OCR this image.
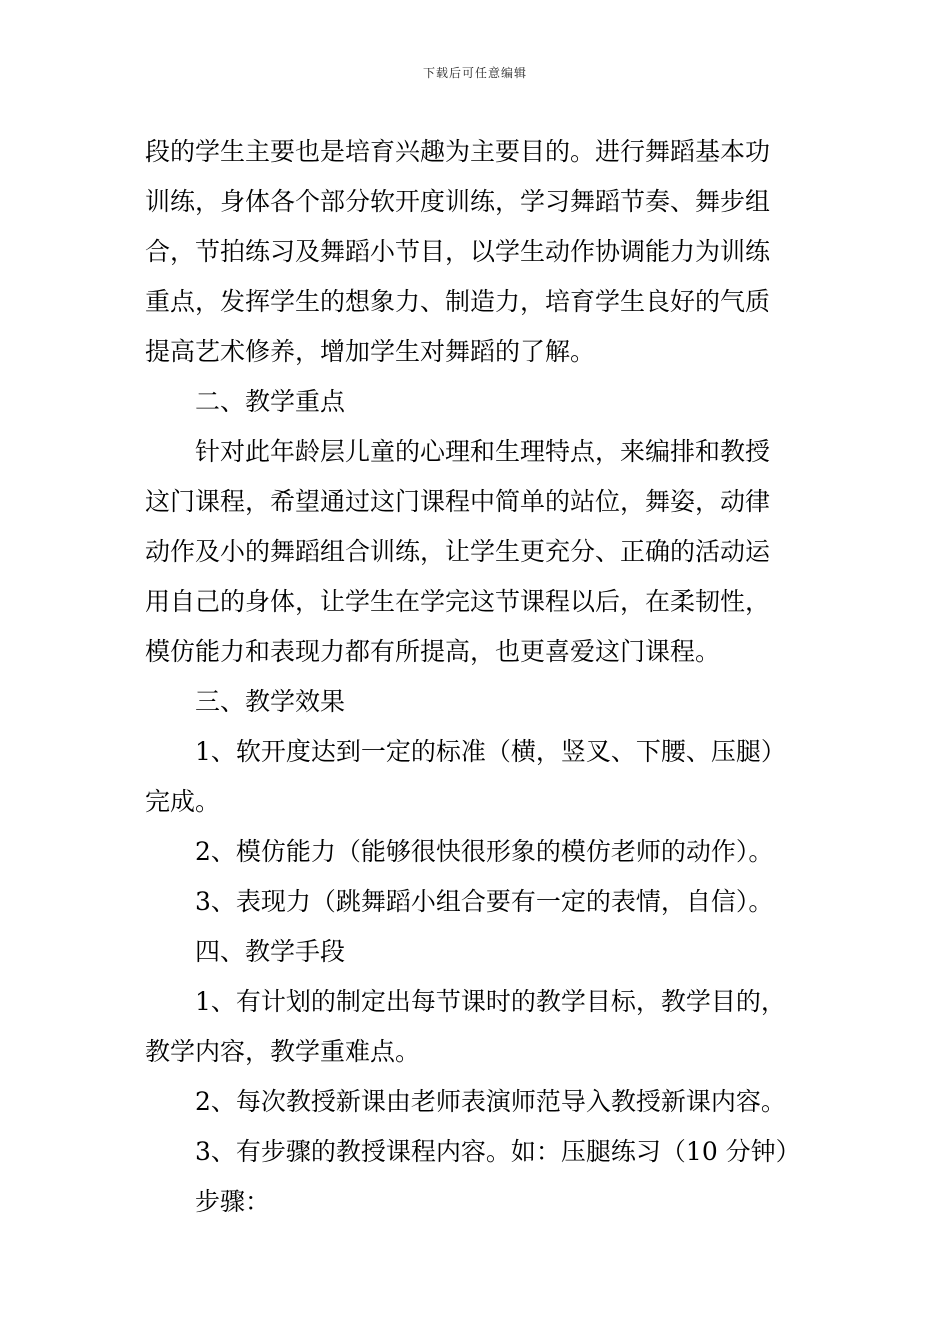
下载后可任意编辑

段的学生主要也是培育兴趣为主要目的。进行舞蹈基本功

训练，身体各个部分软开度训练，学习舞蹈节奏、舞步组

合，节拍练习及舞蹈小节目，以学生动作协调能力为训练

重点，发挥学生的想象力、制造力，培育学生良好的气质

提高艺术修养，增加学生对舞蹈的了解。

二、教学重点

针对此年龄层儿童的心理和生理特点，来编排和教授

这门课程，希望通过这门课程中简单的站位，舞姿，动律

动作及小的舞蹈组合训练，让学生更充分、正确的活动运

用自己的身体，让学生在学完这节课程以后，在柔韧性，

模仿能力和表现力都有所提高，也更喜爱这门课程。

三、教学效果

1、软开度达到一定的标准（横，竖叉、下腰、压腿）

完成。

2、模仿能力（能够很快很形象的模仿老师的动作）。

3、表现力（跳舞蹈小组合要有一定的表情，自信）。

四、教学手段

1、有计划的制定出每节课时的教学目标，教学目的，

教学内容，教学重难点。

2、每次教授新课由老师表演师范导入教授新课内容。

3、有步骤的教授课程内容。如：压腿练习（10 分钟）

步骤：
